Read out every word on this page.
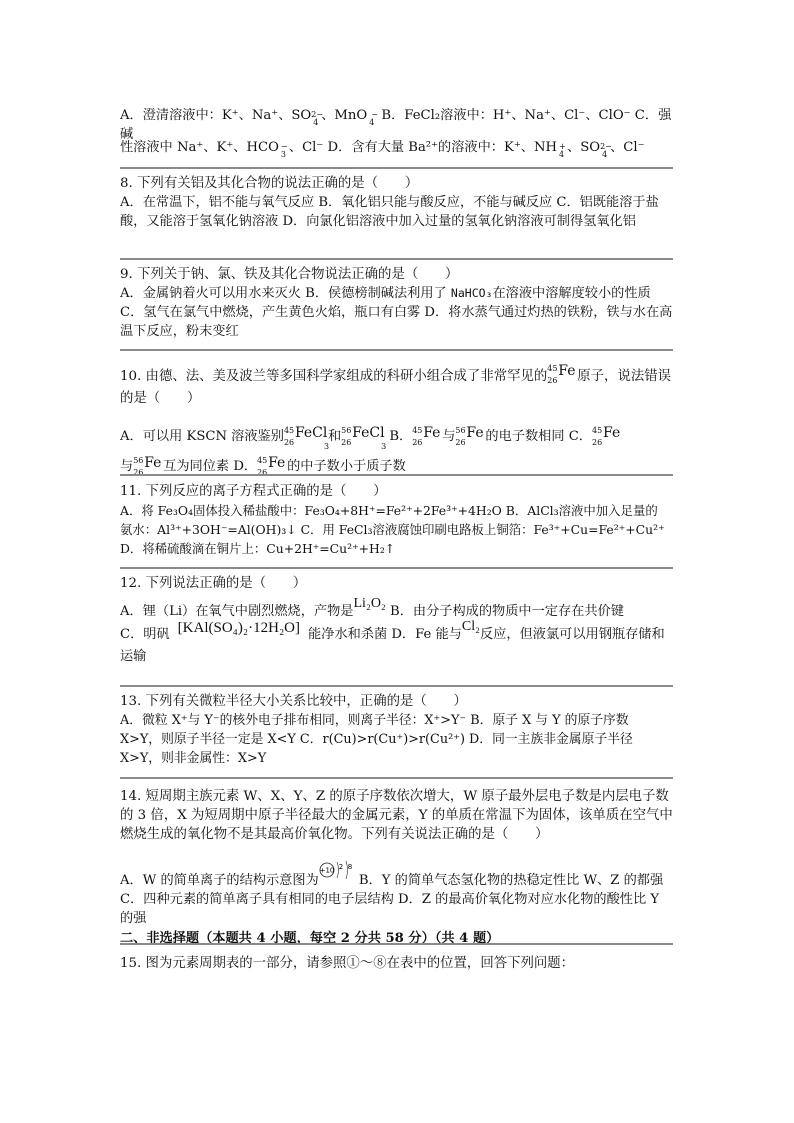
A．澄清溶液中：K⁺、Na⁺、SO 2−
4 、MnO −
4 B．FeCl₂溶液中：H⁺、Na⁺、Cl⁻、ClO⁻ C．强碱
性溶液中 Na⁺、K⁺、HCO −
3 、Cl⁻ D．含有大量 Ba²⁺的溶液中：K⁺、NH +
4 、SO 2−
4 、Cl⁻
8. 下列有关铝及其化合物的说法正确的是（　　）
A．在常温下，铝不能与氧气反应 B．氧化铝只能与酸反应，不能与碱反应 C．铝既能溶于盐酸，又能溶于氢氧化钠溶液 D．向氯化铝溶液中加入过量的氢氧化钠溶液可制得氢氧化铝
9. 下列关于钠、氯、铁及其化合物说法正确的是（　　）
A．金属钠着火可以用水来灭火 B．侯德榜制碱法利用了 NaHCO₃在溶液中溶解度较小的性质 C．氢气在氯气中燃烧，产生黄色火焰，瓶口有白雾 D．将水蒸气通过灼热的铁粉，铁与水在高温下反应，粉末变红
10. 由德、法、美及波兰等多国科学家组成的科研小组合成了非常罕见的
45
26
Fe 原子，说法错误的是（　　）
A．可以用 KSCN 溶液鉴别 45
26
FeCl
3
和 56
26
FeCl
3
B． 45
26
Fe 与 56
26
Fe 的电子数相同 C． 45
26
Fe

与 56
26
Fe 互为同位素 D． 45
26
Fe 的中子数小于质子数
11. 下列反应的离子方程式正确的是（　　）
A．将 Fe₃O₄固体投入稀盐酸中：Fe₃O₄+8H⁺=Fe²⁺+2Fe³⁺+4H₂O B．AlCl₃溶液中加入足量的
氨水：Al³⁺+3OH⁻=Al(OH)₃↓ C．用 FeCl₃溶液腐蚀印刷电路板上铜箔：Fe³⁺+Cu=Fe²⁺+Cu²⁺
D．将稀硫酸滴在铜片上：Cu+2H⁺=Cu²⁺+H₂↑
12. 下列说法正确的是（　　）
A．锂（Li）在氧气中剧烈燃烧，产物是Li₂O₂ B．由分子构成的物质中一定存在共价键
C．明矾 [KAl(SO₄)₂·12H₂O] 能净水和杀菌 D．Fe 能与Cl₂反应，但液氯可以用钢瓶存储和运输
13. 下列有关微粒半径大小关系比较中，正确的是（　　）
A．微粒 X⁺与 Y⁻的核外电子排布相同，则离子半径：X⁺>Y⁻ B．原子 X 与 Y 的原子序数
X>Y，则原子半径一定是 X<Y C．r(Cu)>r(Cu⁺)>r(Cu²⁺) D．同一主族非金属原子半径
X>Y，则非金属性：X>Y
14. 短周期主族元素 W、X、Y、Z 的原子序数依次增大，W 原子最外层电子数是内层电子数的 3 倍，X 为短周期中原子半径最大的金属元素，Y 的单质在常温下为固体，该单质在空气中燃烧生成的氧化物不是其最高价氧化物。下列有关说法正确的是（　　）
A．W 的简单离子的结构示意图为
+10 2 8
B．Y 的简单气态氢化物的热稳定性比 W、Z 的都强 C．四种元素的简单离子具有相同的电子层结构 D．Z 的最高价氧化物对应水化物的酸性比 Y 的强
二、非选择题（本题共 4 小题，每空 2 分共 58 分）（共 4 题）
15. 图为元素周期表的一部分，请参照①～⑧在表中的位置，回答下列问题：
